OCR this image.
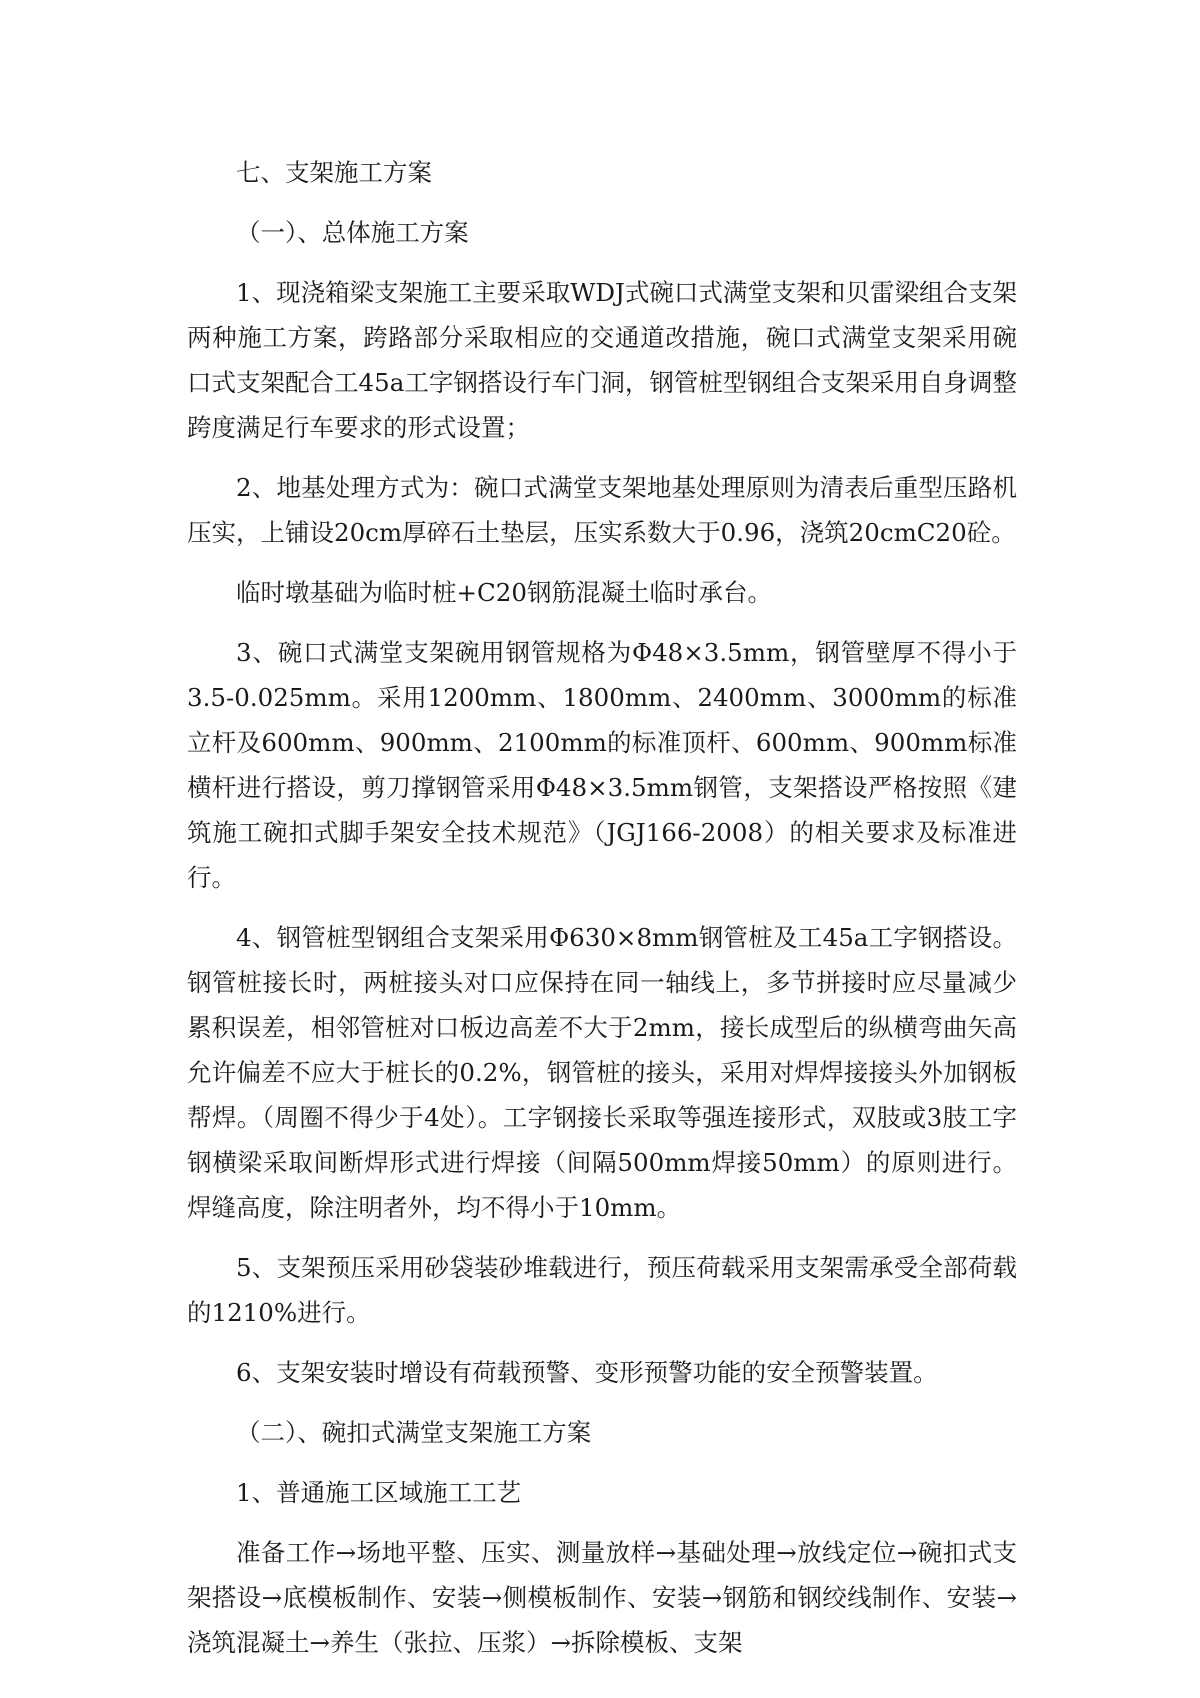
七、支架施工方案

（一）、总体施工方案

1、现浇箱梁支架施工主要采取WDJ式碗口式满堂支架和贝雷梁组合支架两种施工方案，跨路部分采取相应的交通道改措施，碗口式满堂支架采用碗口式支架配合工45a工字钢搭设行车门洞，钢管桩型钢组合支架采用自身调整跨度满足行车要求的形式设置；

2、地基处理方式为：碗口式满堂支架地基处理原则为清表后重型压路机压实，上铺设20cm厚碎石土垫层，压实系数大于0.96，浇筑20cmC20砼。

临时墩基础为临时桩+C20钢筋混凝土临时承台。

3、碗口式满堂支架碗用钢管规格为Φ48×3.5mm，钢管壁厚不得小于3.5-0.025mm。采用1200mm、1800mm、2400mm、3000mm的标准立杆及600mm、900mm、2100mm的标准顶杆、600mm、900mm标准横杆进行搭设，剪刀撑钢管采用Φ48×3.5mm钢管，支架搭设严格按照《建筑施工碗扣式脚手架安全技术规范》（JGJ166-2008）的相关要求及标准进行。

4、钢管桩型钢组合支架采用Φ630×8mm钢管桩及工45a工字钢搭设。钢管桩接长时，两桩接头对口应保持在同一轴线上，多节拼接时应尽量减少累积误差，相邻管桩对口板边高差不大于2mm，接长成型后的纵横弯曲矢高允许偏差不应大于桩长的0.2%，钢管桩的接头，采用对焊焊接接头外加钢板帮焊。（周圈不得少于4处）。工字钢接长采取等强连接形式，双肢或3肢工字钢横梁采取间断焊形式进行焊接（间隔500mm焊接50mm）的原则进行。焊缝高度，除注明者外，均不得小于10mm。

5、支架预压采用砂袋装砂堆载进行，预压荷载采用支架需承受全部荷载的1210%进行。

6、支架安装时增设有荷载预警、变形预警功能的安全预警装置。

（二）、碗扣式满堂支架施工方案

1、普通施工区域施工工艺

准备工作→场地平整、压实、测量放样→基础处理→放线定位→碗扣式支架搭设→底模板制作、安装→侧模板制作、安装→钢筋和钢绞线制作、安装→浇筑混凝土→养生（张拉、压浆）→拆除模板、支架
